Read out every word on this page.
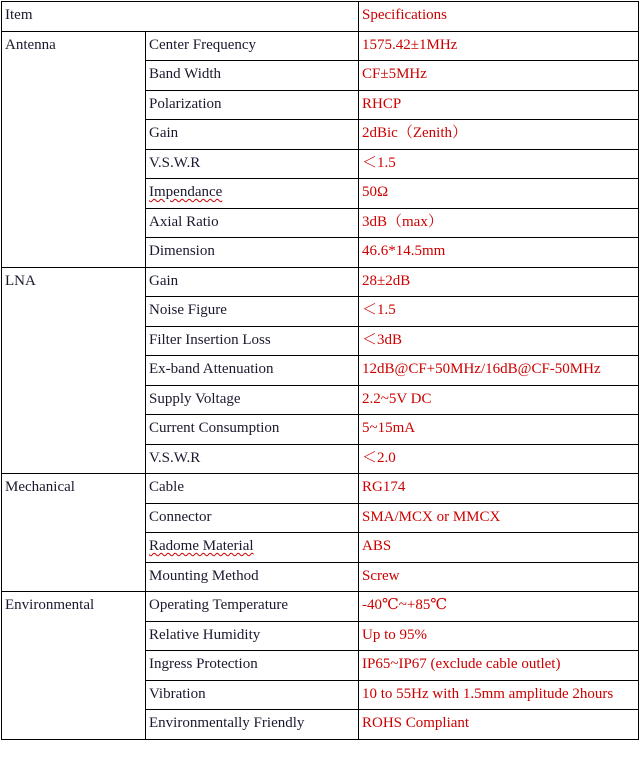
Item		Specifications
Antenna	Center Frequency	1575.42±1MHz
	Band Width	CF±5MHz
	Polarization	RHCP
	Gain	2dBic（Zenith）
	V.S.W.R	＜1.5
	Impendance	50Ω
	Axial Ratio	3dB（max）
	Dimension	46.6*14.5mm
LNA	Gain	28±2dB
	Noise Figure	＜1.5
	Filter Insertion Loss	＜3dB
	Ex-band Attenuation	12dB@CF+50MHz/16dB@CF-50MHz
	Supply Voltage	2.2~5V DC
	Current Consumption	5~15mA
	V.S.W.R	＜2.0
Mechanical	Cable	RG174
	Connector	SMA/MCX or MMCX
	Radome Material	ABS
	Mounting Method	Screw
Environmental	Operating Temperature	-40℃~+85℃
	Relative Humidity	Up to 95%
	Ingress Protection	IP65~IP67 (exclude cable outlet)
	Vibration	10 to 55Hz with 1.5mm amplitude 2hours
	Environmentally Friendly	ROHS Compliant
